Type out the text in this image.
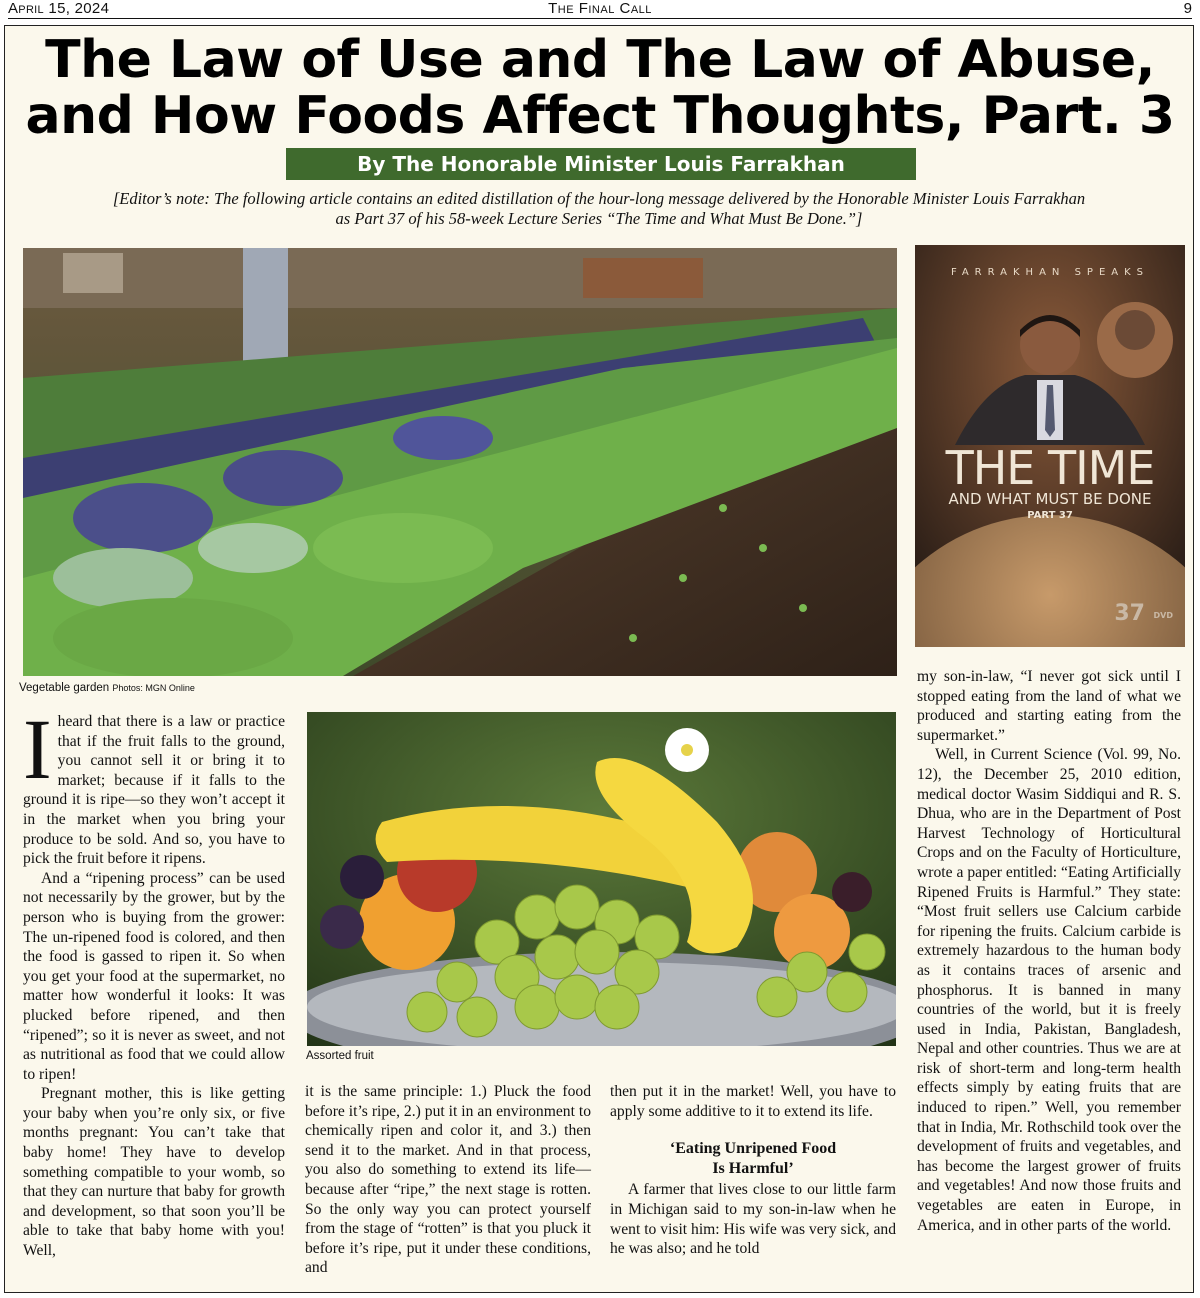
April 15, 2024	The Final Call	9
The Law of Use and The Law of Abuse,
and How Foods Affect Thoughts, Part. 3
By The Honorable Minister Louis Farrakhan
[Editor’s note: The following article contains an edited distillation of the hour-long message delivered by the Honorable Minister Louis Farrakhan
as Part 37 of his 58-week Lecture Series “The Time and What Must Be Done.”]
Vegetable garden Photos: MGN Online
FARRAKHAN SPEAKS
THE TIME
AND WHAT MUST BE DONE
PART 37
37 DVD
Assorted fruit

Iheard that there is a law or practice that if the fruit falls to the ground, you cannot sell it or bring it to market; because if it falls to the ground it is ripe—so they won’t accept it in the market when you bring your produce to be sold. And so, you have to pick the fruit before it ripens.

And a “ripening process” can be used not necessarily by the grower, but by the person who is buying from the grower: The un-ripened food is colored, and then the food is gassed to ripen it. So when you get your food at the supermarket, no matter how wonderful it looks: It was plucked before ripened, and then “ripened”; so it is never as sweet, and not as nutritional as food that we could allow to ripen!

Pregnant mother, this is like getting your baby when you’re only six, or five months pregnant: You can’t take that baby home! They have to develop something compatible to your womb, so that they can nurture that baby for growth and development, so that soon you’ll be able to take that baby home with you! Well,

it is the same principle: 1.) Pluck the food before it’s ripe, 2.) put it in an environment to chemically ripen and color it, and 3.) then send it to the market. And in that process, you also do something to extend its life—because after “ripe,” the next stage is rotten. So the only way you can protect yourself from the stage of “rotten” is that you pluck it before it’s ripe, put it under these conditions, and

then put it in the market! Well, you have to apply some additive to it to extend its life.

‘Eating Unripened Food
Is Harmful’

A farmer that lives close to our little farm in Michigan said to my son-in-law when he went to visit him: His wife was very sick, and he was also; and he told

my son-in-law, “I never got sick until I stopped eating from the land of what we produced and starting eating from the supermarket.”

Well, in Current Science (Vol. 99, No. 12), the December 25, 2010 edition, medical doctor Wasim Siddiqui and R. S. Dhua, who are in the Department of Post Harvest Technology of Horticultural Crops and on the Faculty of Horticulture, wrote a paper entitled: “Eating Artificially Ripened Fruits is Harmful.” They state: “Most fruit sellers use Calcium carbide for ripening the fruits. Calcium carbide is extremely hazardous to the human body as it contains traces of arsenic and phosphorus. It is banned in many countries of the world, but it is freely used in India, Pakistan, Bangladesh, Nepal and other countries. Thus we are at risk of short-term and long-term health effects simply by eating fruits that are induced to ripen.” Well, you remember that in India, Mr. Rothschild took over the development of fruits and vegetables, and has become the largest grower of fruits and vegetables! And now those fruits and vegetables are eaten in Europe, in America, and in other parts of the world.
